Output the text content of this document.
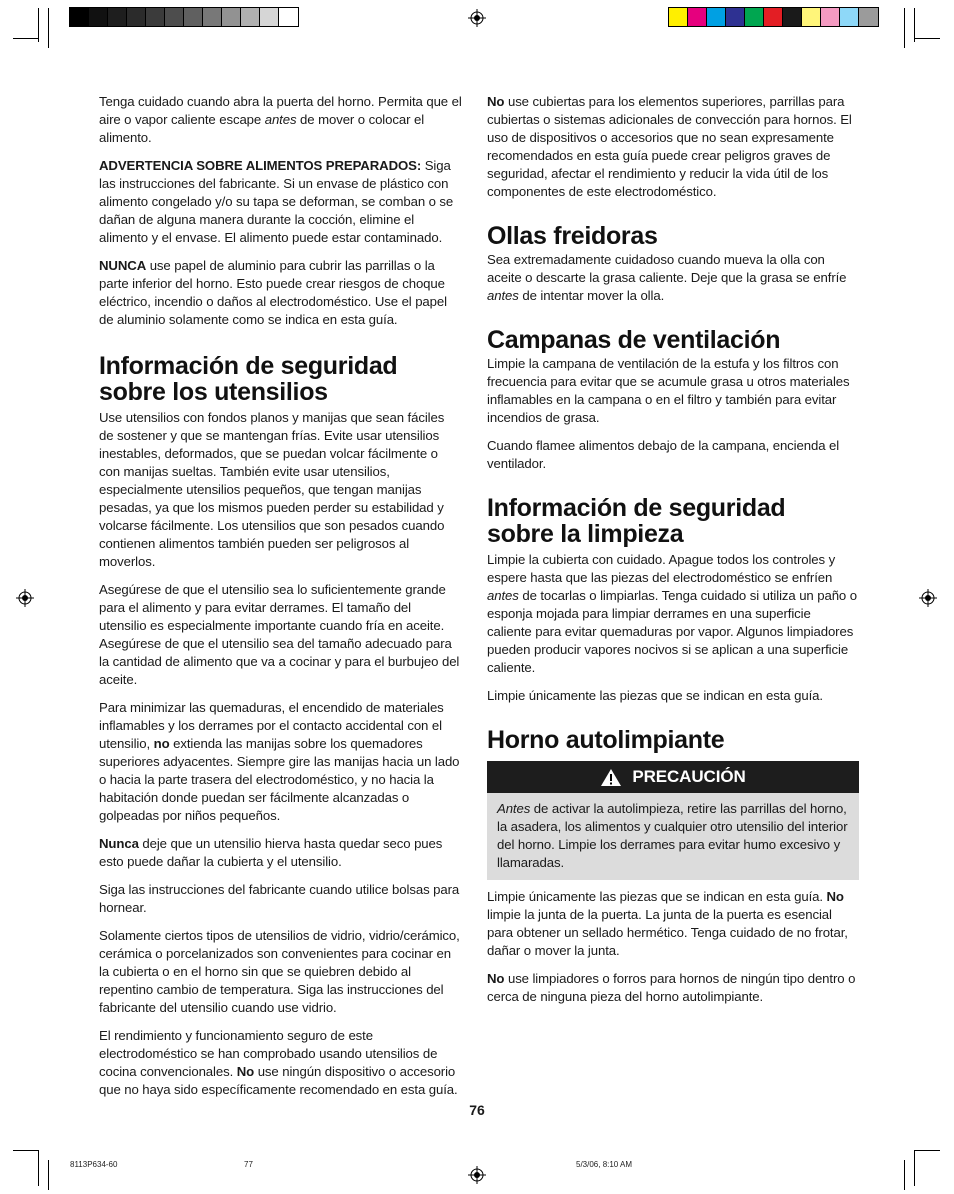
Tenga cuidado cuando abra la puerta del horno. Permita que el aire o vapor caliente escape antes de mover o colocar el alimento.

ADVERTENCIA SOBRE ALIMENTOS PREPARADOS: Siga las instrucciones del fabricante. Si un envase de plástico con alimento congelado y/o su tapa se deforman, se comban o se dañan de alguna manera durante la cocción, elimine el alimento y el envase. El alimento puede estar contaminado.

NUNCA use papel de aluminio para cubrir las parrillas o la parte inferior del horno. Esto puede crear riesgos de choque eléctrico, incendio o daños al electrodoméstico. Use el papel de aluminio solamente como se indica en esta guía.

Información de seguridad
sobre los utensilios

Use utensilios con fondos planos y manijas que sean fáciles de sostener y que se mantengan frías. Evite usar utensilios inestables, deformados, que se puedan volcar fácilmente o con manijas sueltas. También evite usar utensilios, especialmente utensilios pequeños, que tengan manijas pesadas, ya que los mismos pueden perder su estabilidad y volcarse fácilmente. Los utensilios que son pesados cuando contienen alimentos también pueden ser peligrosos al moverlos.

Asegúrese de que el utensilio sea lo suficientemente grande para el alimento y para evitar derrames. El tamaño del utensilio es especialmente importante cuando fría en aceite. Asegúrese de que el utensilio sea del tamaño adecuado para la cantidad de alimento que va a cocinar y para el burbujeo del aceite.

Para minimizar las quemaduras, el encendido de materiales inflamables y los derrames por el contacto accidental con el utensilio, no extienda las manijas sobre los quemadores superiores adyacentes. Siempre gire las manijas hacia un lado o hacia la parte trasera del electrodoméstico, y no hacia la habitación donde puedan ser fácilmente alcanzadas o golpeadas por niños pequeños.

Nunca deje que un utensilio hierva hasta quedar seco pues esto puede dañar la cubierta y el utensilio.

Siga las instrucciones del fabricante cuando utilice bolsas para hornear.

Solamente ciertos tipos de utensilios de vidrio, vidrio/cerámico, cerámica o porcelanizados son convenientes para cocinar en la cubierta o en el horno sin que se quiebren debido al repentino cambio de temperatura. Siga las instrucciones del fabricante del utensilio cuando use vidrio.

El rendimiento y funcionamiento seguro de este electrodoméstico se han comprobado usando utensilios de cocina convencionales. No use ningún dispositivo o accesorio que no haya sido específicamente recomendado en esta guía.

No use cubiertas para los elementos superiores, parrillas para cubiertas o sistemas adicionales de convección para hornos. El uso de dispositivos o accesorios que no sean expresamente recomendados en esta guía puede crear peligros graves de seguridad, afectar el rendimiento y reducir la vida útil de los componentes de este electrodoméstico.

Ollas freidoras

Sea extremadamente cuidadoso cuando mueva la olla con aceite o descarte la grasa caliente. Deje que la grasa se enfríe antes de intentar mover la olla.

Campanas de ventilación

Limpie la campana de ventilación de la estufa y los filtros con frecuencia para evitar que se acumule grasa u otros materiales inflamables en la campana o en el filtro y también para evitar incendios de grasa.

Cuando flamee alimentos debajo de la campana, encienda el ventilador.

Información de seguridad
sobre la limpieza

Limpie la cubierta con cuidado. Apague todos los controles y espere hasta que las piezas del electrodoméstico se enfríen antes de tocarlas o limpiarlas. Tenga cuidado si utiliza un paño o esponja mojada para limpiar derrames en una superficie caliente para evitar quemaduras por vapor. Algunos limpiadores pueden producir vapores nocivos si se aplican a una superficie caliente.

Limpie únicamente las piezas que se indican en esta guía.

Horno autolimpiante
PRECAUCIÓN
Antes de activar la autolimpieza, retire las parrillas del horno, la asadera, los alimentos y cualquier otro utensilio del interior del horno. Limpie los derrames para evitar humo excesivo y llamaradas.

Limpie únicamente las piezas que se indican en esta guía. No limpie la junta de la puerta. La junta de la puerta es esencial para obtener un sellado hermético. Tenga cuidado de no frotar, dañar o mover la junta.

No use limpiadores o forros para hornos de ningún tipo dentro o cerca de ninguna pieza del horno autolimpiante.

76
8113P634-60	77	5/3/06, 8:10 AM
